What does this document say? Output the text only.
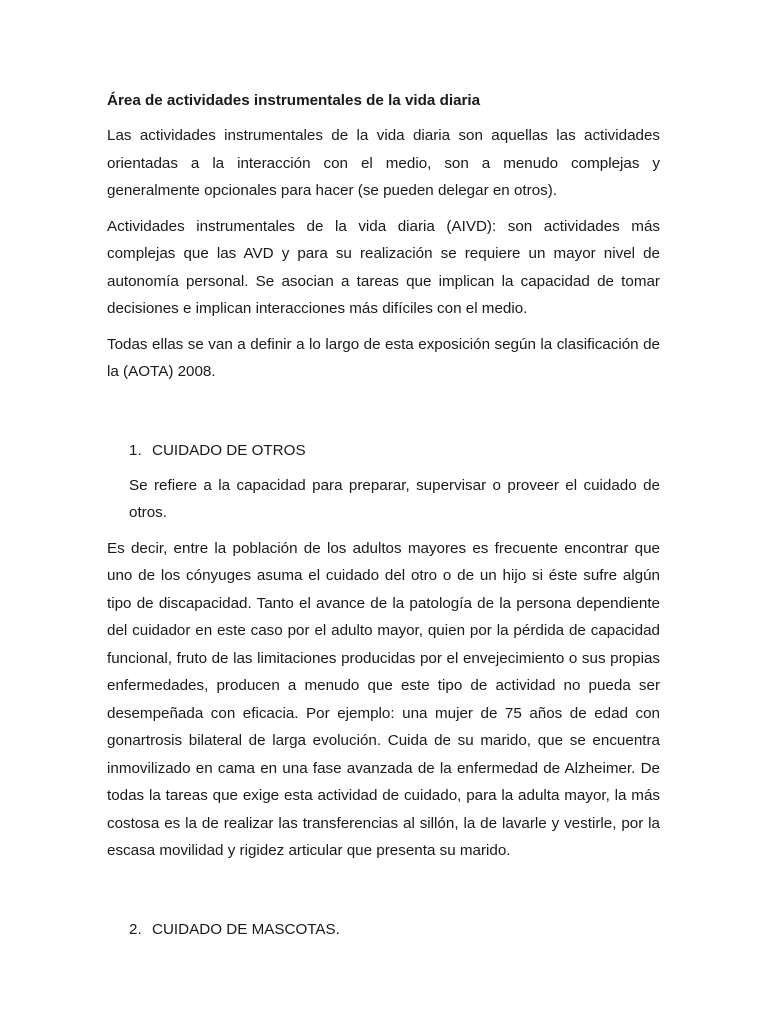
Área de actividades instrumentales de la vida diaria

Las actividades instrumentales de la vida diaria son aquellas las actividades orientadas a la interacción con el medio, son a menudo complejas y generalmente opcionales para hacer (se pueden delegar en otros).

Actividades instrumentales de la vida diaria (AIVD): son actividades más complejas que las AVD y para su realización se requiere un mayor nivel de autonomía personal. Se asocian a tareas que implican la capacidad de tomar decisiones e implican interacciones más difíciles con el medio.

Todas ellas se van a definir a lo largo de esta exposición según la clasificación de la (AOTA) 2008.

1. CUIDADO DE OTROS

Se refiere a la capacidad para preparar, supervisar o proveer el cuidado de otros.

Es decir, entre la población de los adultos mayores es frecuente encontrar que uno de los cónyuges asuma el cuidado del otro o de un hijo si éste sufre algún tipo de discapacidad. Tanto el avance de la patología de la persona dependiente del cuidador en este caso por el adulto mayor, quien por la pérdida de capacidad funcional, fruto de las limitaciones producidas por el envejecimiento o sus propias enfermedades, producen a menudo que este tipo de actividad no pueda ser desempeñada con eficacia. Por ejemplo: una mujer de 75 años de edad con gonartrosis bilateral de larga evolución. Cuida de su marido, que se encuentra inmovilizado en cama en una fase avanzada de la enfermedad de Alzheimer. De todas la tareas que exige esta actividad de cuidado, para la adulta mayor, la más costosa es la de realizar las transferencias al sillón, la de lavarle y vestirle, por la escasa movilidad y rigidez articular que presenta su marido.

2. CUIDADO DE MASCOTAS.
